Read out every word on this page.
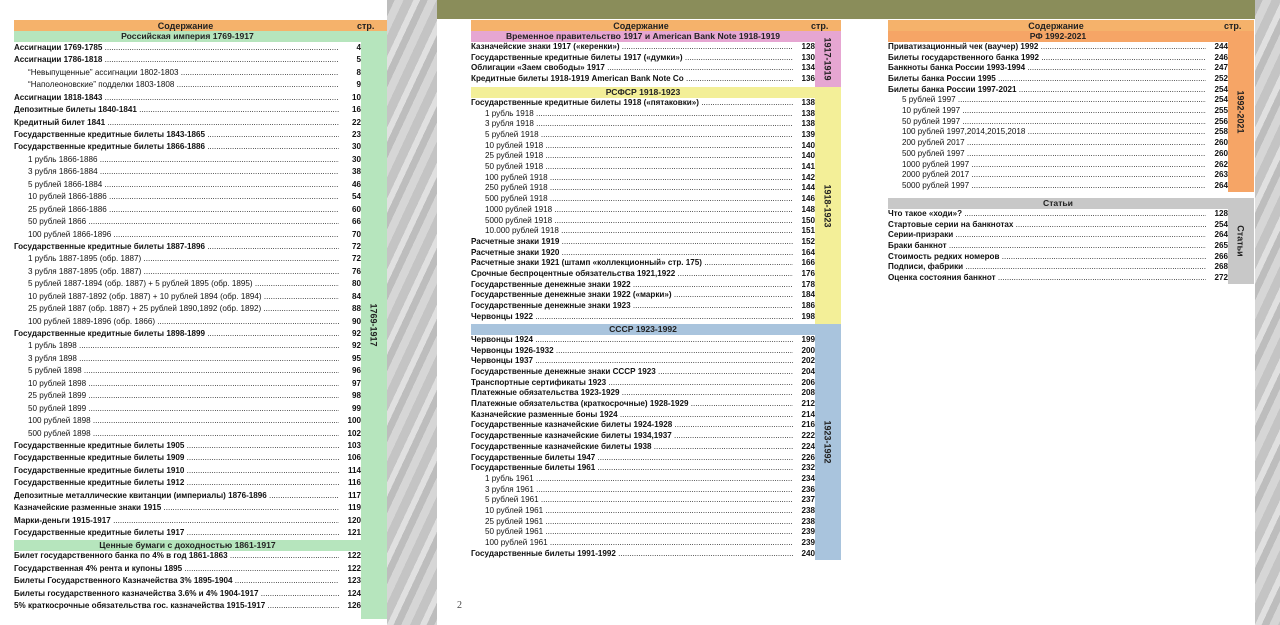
Содержание	стр.
Российская империя 1769-1917
Ассигнации 1769-1785 .....	4
Ассигнации 1786-1818 .....	5
“Невыпущенные” ассигнации 1802-1803 .....	8
“Наполеоновские” подделки 1803-1808 .....	9
Ассигнации 1818-1843 .....	10
Депозитные билеты 1840-1841 .....	16
Кредитный билет 1841 .....	22
Государственные кредитные билеты 1843-1865 .....	23
Государственные кредитные билеты 1866-1886 .....	30
1 рубль 1866-1886 .....	30
3 рубля 1866-1884 .....	38
5 рублей 1866-1884 .....	46
10 рублей 1866-1886 .....	54
25 рублей 1866-1886 .....	60
50 рублей 1866 .....	66
100 рублей 1866-1896 .....	70
Государственные кредитные билеты 1887-1896 .....	72
1 рубль 1887-1895 (обр. 1887) .....	72
3 рубля 1887-1895 (обр. 1887) .....	76
5 рублей 1887-1894 (обр. 1887) + 5 рублей 1895 (обр. 1895) .....	80
10 рублей 1887-1892 (обр. 1887) + 10 рублей 1894 (обр. 1894) .....	84
25 рублей 1887 (обр. 1887) + 25 рублей 1890,1892 (обр. 1892) .....	88
100 рублей 1889-1896 (обр. 1866) .....	90
Государственные кредитные билеты 1898-1899 .....	92
1 рубль 1898 .....	92
3 рубля 1898 .....	95
5 рублей 1898 .....	96
10 рублей 1898 .....	97
25 рублей 1899 .....	98
50 рублей 1899 .....	99
100 рублей 1898 .....	100
500 рублей 1898 .....	102
Государственные кредитные билеты 1905 .....	103
Государственные кредитные билеты 1909 .....	106
Государственные кредитные билеты 1910 .....	114
Государственные кредитные билеты 1912 .....	116
Депозитные металлические квитанции (империалы) 1876-1896 .....	117
Казначейские разменные знаки 1915 .....	119
Марки-деньги 1915-1917 .....	120
Государственные кредитные билеты 1917 .....	121
Ценные бумаги с доходностью 1861-1917
Билет государственного банка по 4% в год 1861-1863 .....	122
Государственная 4% рента и купоны 1895 .....	122
Билеты Государственного Казначейства 3% 1895-1904 .....	123
Билеты государственного казначейства 3.6% и 4% 1904-1917 .....	124
5% краткосрочные обязательства гос. казначейства 1915-1917 .....	126
1769-1917
Содержание	стр.
Временное правительство 1917 и American Bank Note 1918-1919
Казначейские знаки 1917 («керенки») .....	128
Государственные кредитные билеты 1917 («думки») .....	130
Облигации «Заем свободы» 1917 .....	134
Кредитные билеты 1918-1919 American Bank Note Co .....	136 1917-1919
РСФСР 1918-1923
Государственные кредитные билеты 1918 («пятаковки») .....	138
1 рубль 1918 .....	138
3 рубля 1918 .....	138
5 рублей 1918 .....	139
10 рублей 1918 .....	140
25 рублей 1918 .....	140
50 рублей 1918 .....	141
100 рублей 1918 .....	142
250 рублей 1918 .....	144
500 рублей 1918 .....	146
1000 рублей 1918 .....	148
5000 рублей 1918 .....	150
10.000 рублей 1918 .....	151
Расчетные знаки 1919 .....	152
Расчетные знаки 1920 .....	164
Расчетные знаки 1921 (штамп «коллекционный» стр. 175) .....	166
Срочные беспроцентные обязательства 1921,1922 .....	176
Государственные денежные знаки 1922 .....	178
Государственные денежные знаки 1922 («марки») .....	184
Государственные денежные знаки 1923 .....	186
Червонцы 1922 .....	198
1918-1923
СССР 1923-1992
Червонцы 1924 .....	199
Червонцы 1926-1932 .....	200
Червонцы 1937 .....	202
Государственные денежные знаки СССР 1923 .....	204
Транспортные сертификаты 1923 .....	206
Платежные обязательства 1923-1929 .....	208
Платежные обязательства (краткосрочные) 1928-1929 .....	212
Казначейские разменные боны 1924 .....	214
Государственные казначейские билеты 1924-1928 .....	216
Государственные казначейские билеты 1934,1937 .....	222
Государственные казначейские билеты 1938 .....	224
Государственные билеты 1947 .....	226
Государственные билеты 1961 .....	232
1 рубль 1961 .....	234
3 рубля 1961 .....	236
5 рублей 1961 .....	237
10 рублей 1961 .....	238
25 рублей 1961 .....	238
50 рублей 1961 .....	239
100 рублей 1961 .....	239
Государственные билеты 1991-1992 .....	240
1923-1992
2
Содержание	стр.
РФ 1992-2021
Приватизационный чек (ваучер) 1992 .....	244
Билеты государственного банка 1992 .....	246
Банкноты банка России 1993-1994 .....	247
Билеты банка России 1995 .....	252
Билеты банка России 1997-2021 .....	254
5 рублей 1997 .....	254
10 рублей 1997 .....	255
50 рублей 1997 .....	256
100 рублей 1997,2014,2015,2018 .....	258
200 рублей 2017 .....	260
500 рублей 1997 .....	260
1000 рублей 1997 .....	262
2000 рублей 2017 .....	263
5000 рублей 1997 .....	264
1992-2021
Статьи
Что такое «ходи»? .....	128
Стартовые серии на банкнотах .....	254
Серии-призраки .....	264
Браки банкнот .....	265
Стоимость редких номеров .....	266
Подписи, фабрики .....	268
Оценка состояния банкнот .....	272
Статьи
